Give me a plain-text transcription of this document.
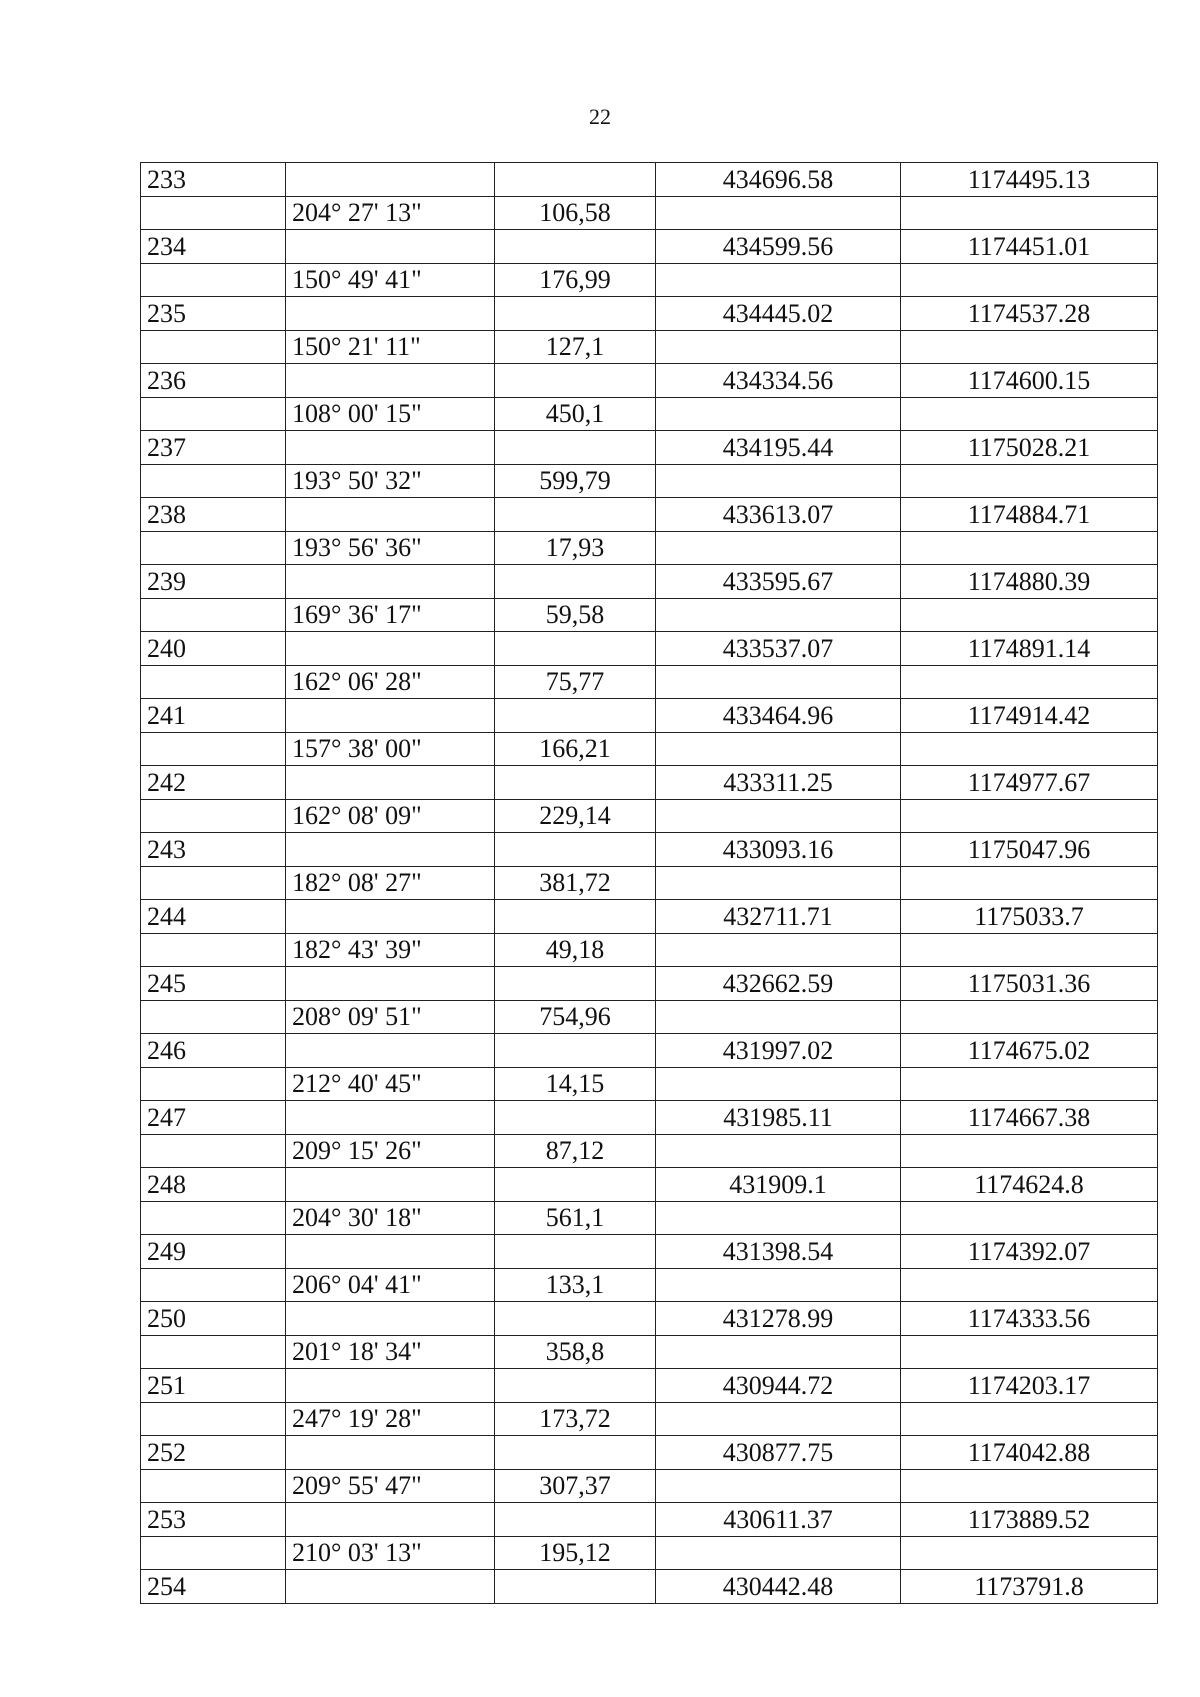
22
233			434696.58	1174495.13
	204° 27' 13"	106,58		
234			434599.56	1174451.01
	150° 49' 41"	176,99		
235			434445.02	1174537.28
	150° 21' 11"	127,1		
236			434334.56	1174600.15
	108° 00' 15"	450,1		
237			434195.44	1175028.21
	193° 50' 32"	599,79		
238			433613.07	1174884.71
	193° 56' 36"	17,93		
239			433595.67	1174880.39
	169° 36' 17"	59,58		
240			433537.07	1174891.14
	162° 06' 28"	75,77		
241			433464.96	1174914.42
	157° 38' 00"	166,21		
242			433311.25	1174977.67
	162° 08' 09"	229,14		
243			433093.16	1175047.96
	182° 08' 27"	381,72		
244			432711.71	1175033.7
	182° 43' 39"	49,18		
245			432662.59	1175031.36
	208° 09' 51"	754,96		
246			431997.02	1174675.02
	212° 40' 45"	14,15		
247			431985.11	1174667.38
	209° 15' 26"	87,12		
248			431909.1	1174624.8
	204° 30' 18"	561,1		
249			431398.54	1174392.07
	206° 04' 41"	133,1		
250			431278.99	1174333.56
	201° 18' 34"	358,8		
251			430944.72	1174203.17
	247° 19' 28"	173,72		
252			430877.75	1174042.88
	209° 55' 47"	307,37		
253			430611.37	1173889.52
	210° 03' 13"	195,12		
254			430442.48	1173791.8
